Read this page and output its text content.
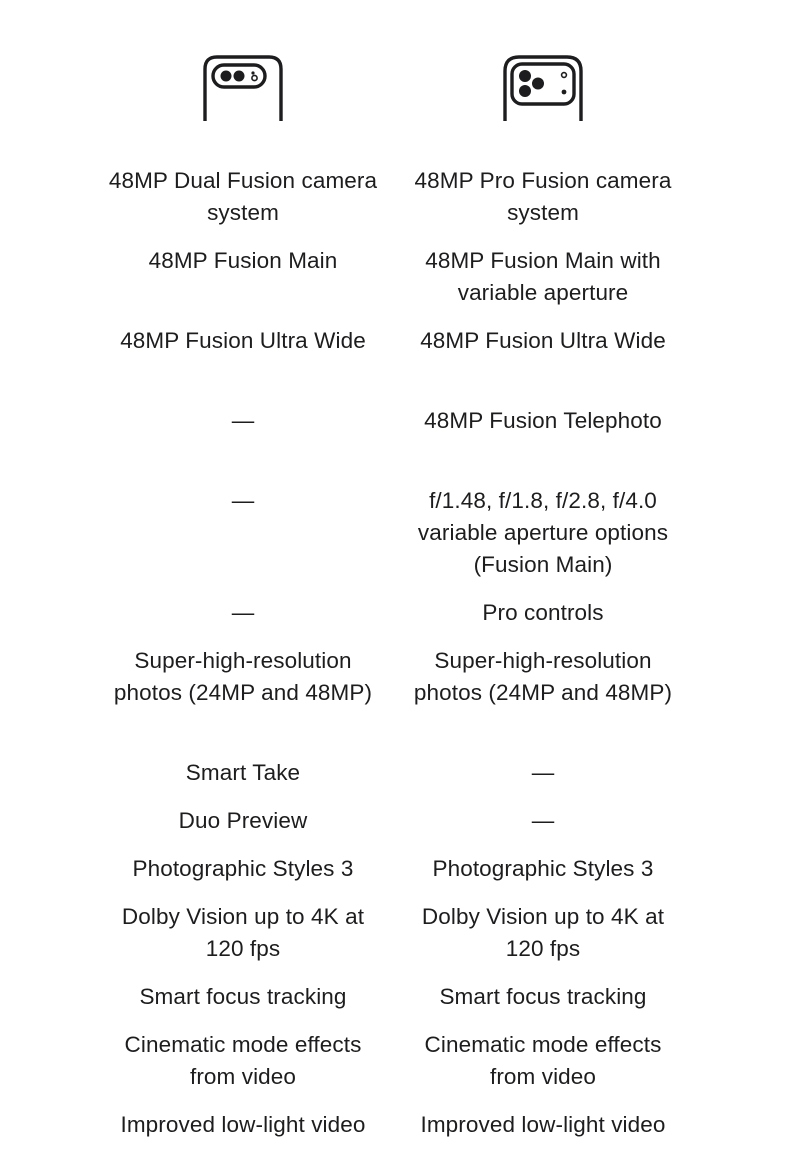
48MP Dual Fusion camera system
48MP Fusion Main
48MP Fusion Ultra Wide
—
—
—
Super-high-resolution photos (24MP and 48MP)
Smart Take
Duo Preview
Photographic Styles 3
Dolby Vision up to 4K at 120 fps
Smart focus tracking
Cinematic mode effects from video
Improved low-light video
48MP Pro Fusion camera system
48MP Fusion Main with variable aperture
48MP Fusion Ultra Wide
48MP Fusion Telephoto
f/1.48, f/1.8, f/2.8, f/4.0 variable aperture options (Fusion Main)
Pro controls
Super-high-resolution photos (24MP and 48MP)
—
—
Photographic Styles 3
Dolby Vision up to 4K at 120 fps
Smart focus tracking
Cinematic mode effects from video
Improved low-light video
